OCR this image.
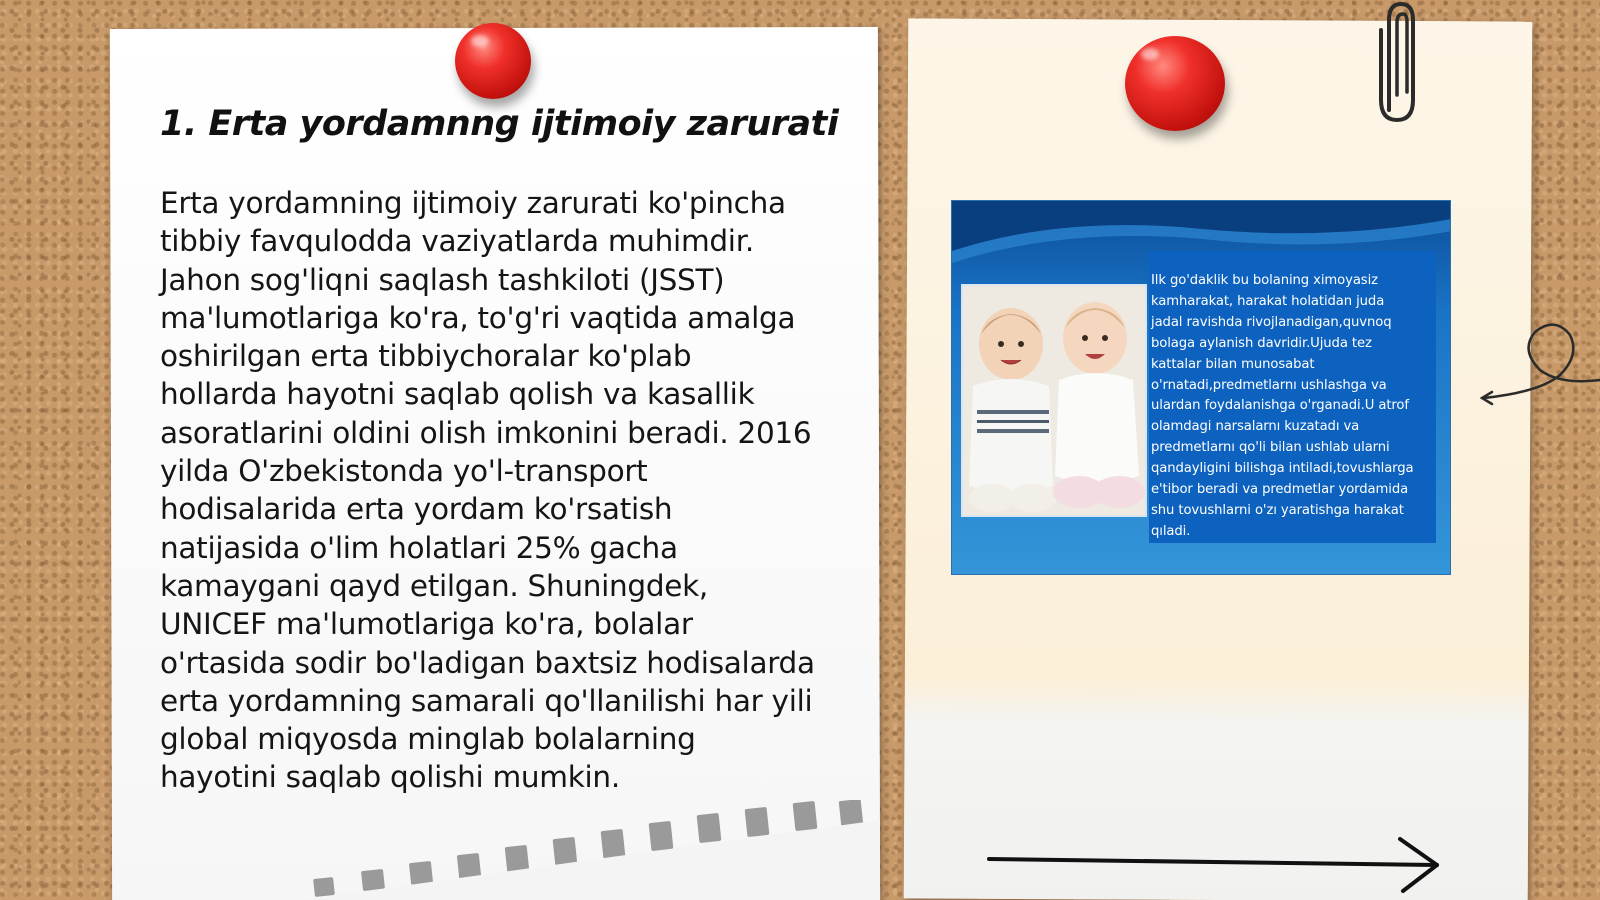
1. Erta yordamnng ijtimoiy zarurati
Erta yordamning ijtimoiy zarurati ko'pincha
tibbiy favqulodda vaziyatlarda muhimdir.
Jahon sog'liqni saqlash tashkiloti (JSST)
ma'lumotlariga ko'ra, to'g'ri vaqtida amalga
oshirilgan erta tibbiychoralar ko'plab
hollarda hayotni saqlab qolish va kasallik
asoratlarini oldini olish imkonini beradi. 2016
yilda O'zbekistonda yo'l-transport
hodisalarida erta yordam ko'rsatish
natijasida o'lim holatlari 25% gacha
kamaygani qayd etilgan. Shuningdek,
UNICEF ma'lumotlariga ko'ra, bolalar
o'rtasida sodir bo'ladigan baxtsiz hodisalarda
erta yordamning samarali qo'llanilishi har yili
global miqyosda minglab bolalarning
hayotini saqlab qolishi mumkin.
Ilk go'daklik bu bolaning ximoyasiz
kamharakat, harakat holatidan juda
jadal ravishda rivojlanadigan,quvnoq
bolaga aylanish davridir.Ujuda tez
kattalar bilan munosabat
o'rnatadi,predmetlarnı ushlashga va
ulardan foydalanishga o'rganadi.U atrof
olamdagi narsalarnı kuzatadı va
predmetlarnı qo'li bilan ushlab ularni
qandayligini bilishga intiladi,tovushlarga
e'tibor beradi va predmetlar yordamida
shu tovushlarni o'zı yaratishga harakat
qıladi.
